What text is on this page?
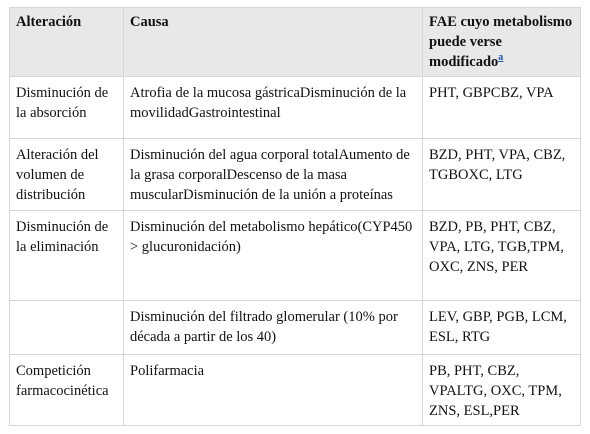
Alteración	Causa	FAE cuyo metabolismo puede verse modificado$^a$
Disminución de la absorción	Atrofia de la mucosa gástricaDisminución de la movilidadGastrointestinal	PHT, GBPCBZ, VPA
Alteración del volumen de distribución	Disminución del agua corporal totalAumento de la grasa corporalDescenso de la masa muscularDisminución de la unión a proteínas	BZD, PHT, VPA, CBZ, TGBOXC, LTG
Disminución de la eliminación	Disminución del metabolismo hepático(CYP450 > glucuronidación)	BZD, PB, PHT, CBZ, VPA, LTG, TGB,TPM, OXC, ZNS, PER
	Disminución del filtrado glomerular (10% por década a partir de los 40)	LEV, GBP, PGB, LCM, ESL, RTG
Competición farmacocinética	Polifarmacia	PB, PHT, CBZ, VPALTG, OXC, TPM, ZNS, ESL,PER
